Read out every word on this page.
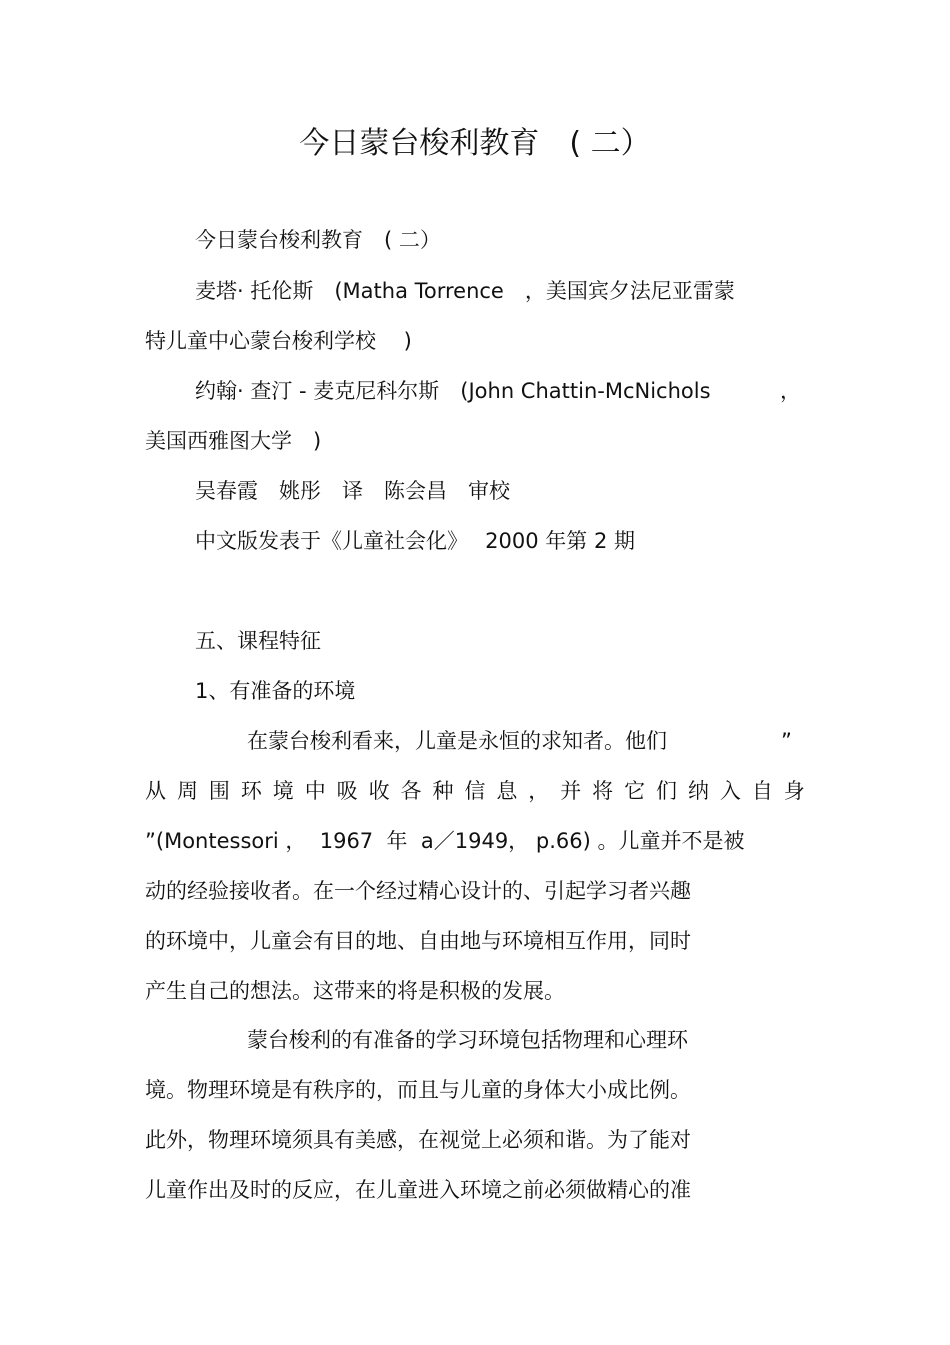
今日蒙台梭利教育　( 二）
今日蒙台梭利教育　( 二）
麦塔· 托伦斯　(Matha Torrence　，美国宾夕法尼亚雷蒙
特儿童中心蒙台梭利学校　 )
约翰· 查汀 - 麦克尼科尔斯　(John Chattin-McNichols	，
美国西雅图大学　)
吴春霞　姚彤　译　陈会昌　审校
中文版发表于《儿童社会化》　 2000 年第 2 期
五、课程特征
1、有准备的环境
在蒙台梭利看来，儿童是永恒的求知者。他们	”
从 周 围 环 境 中 吸 收 各 种 信 息 ， 并 将 它 们 纳 入 自 身
”(Montessori ，  1967  年  a／1949， p.66) 。儿童并不是被
动的经验接收者。在一个经过精心设计的、引起学习者兴趣
的环境中，儿童会有目的地、自由地与环境相互作用，同时
产生自己的想法。这带来的将是积极的发展。
蒙台梭利的有准备的学习环境包括物理和心理环
境。物理环境是有秩序的，而且与儿童的身体大小成比例。
此外，物理环境须具有美感，在视觉上必须和谐。为了能对
儿童作出及时的反应，在儿童进入环境之前必须做精心的准
